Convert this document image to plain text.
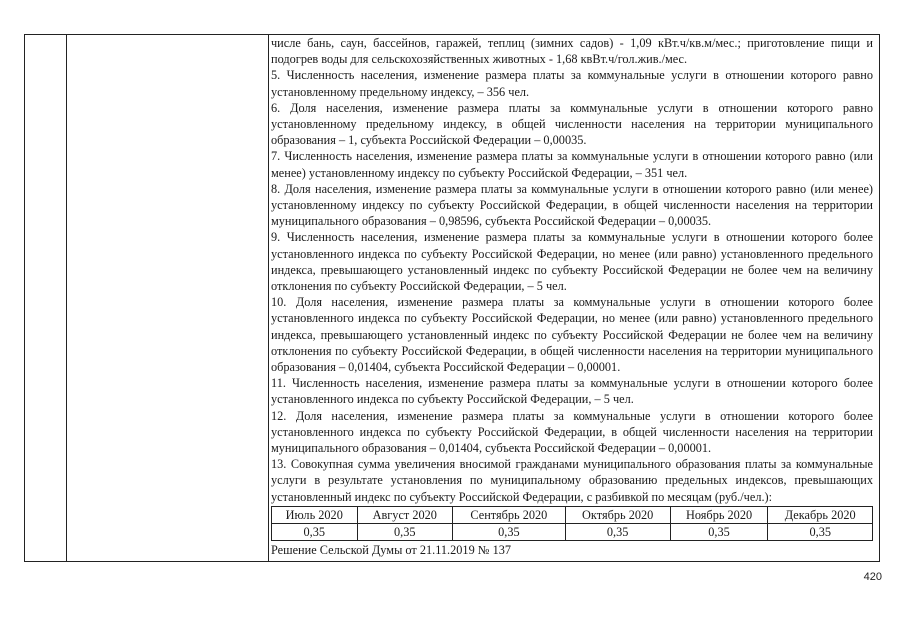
числе бань, саун, бассейнов, гаражей, теплиц (зимних садов) - 1,09 кВт.ч/кв.м/мес.; приготовление пищи и подогрев воды для сельскохозяйственных животных - 1,68 квВт.ч/гол.жив./мес.

5. Численность населения, изменение размера платы за коммунальные услуги в отношении которого равно установленному предельному индексу, – 356 чел.

6. Доля населения, изменение размера платы за коммунальные услуги в отношении которого равно установленному предельному индексу, в общей численности населения на территории муниципального образования – 1, субъекта Российской Федерации – 0,00035.

7. Численность населения, изменение размера платы за коммунальные услуги в отношении которого равно (или менее) установленному индексу по субъекту Российской Федерации, – 351 чел.

8. Доля населения, изменение размера платы за коммунальные услуги в отношении которого равно (или менее) установленному индексу по субъекту Российской Федерации, в общей численности населения на территории муниципального образования – 0,98596, субъекта Российской Федерации – 0,00035.

9. Численность населения, изменение размера платы за коммунальные услуги в отношении которого более установленного индекса по субъекту Российской Федерации, но менее (или равно) установленного предельного индекса, превышающего установленный индекс по субъекту Российской Федерации не более чем на величину отклонения по субъекту Российской Федерации, – 5 чел.

10. Доля населения, изменение размера платы за коммунальные услуги в отношении которого более установленного индекса по субъекту Российской Федерации, но менее (или равно) установленного предельного индекса, превышающего установленный индекс по субъекту Российской Федерации не более чем на величину отклонения по субъекту Российской Федерации, в общей численности населения на территории муниципального образования – 0,01404, субъекта Российской Федерации – 0,00001.

11. Численность населения, изменение размера платы за коммунальные услуги в отношении которого более установленного индекса по субъекту Российской Федерации, – 5 чел.

12. Доля населения, изменение размера платы за коммунальные услуги в отношении которого более установленного индекса по субъекту Российской Федерации, в общей численности населения на территории муниципального образования – 0,01404, субъекта Российской Федерации – 0,00001.

13. Совокупная сумма увеличения вносимой гражданами муниципального образования платы за коммунальные услуги в результате установления по муниципальному образованию предельных индексов, превышающих установленный индекс по субъекту Российской Федерации, с разбивкой по месяцам (руб./чел.):

Июль 2020	Август 2020	Сентябрь 2020	Октябрь 2020	Ноябрь 2020	Декабрь 2020
0,35	0,35	0,35	0,35	0,35	0,35

Решение Сельской Думы от 21.11.2019 № 137

420
